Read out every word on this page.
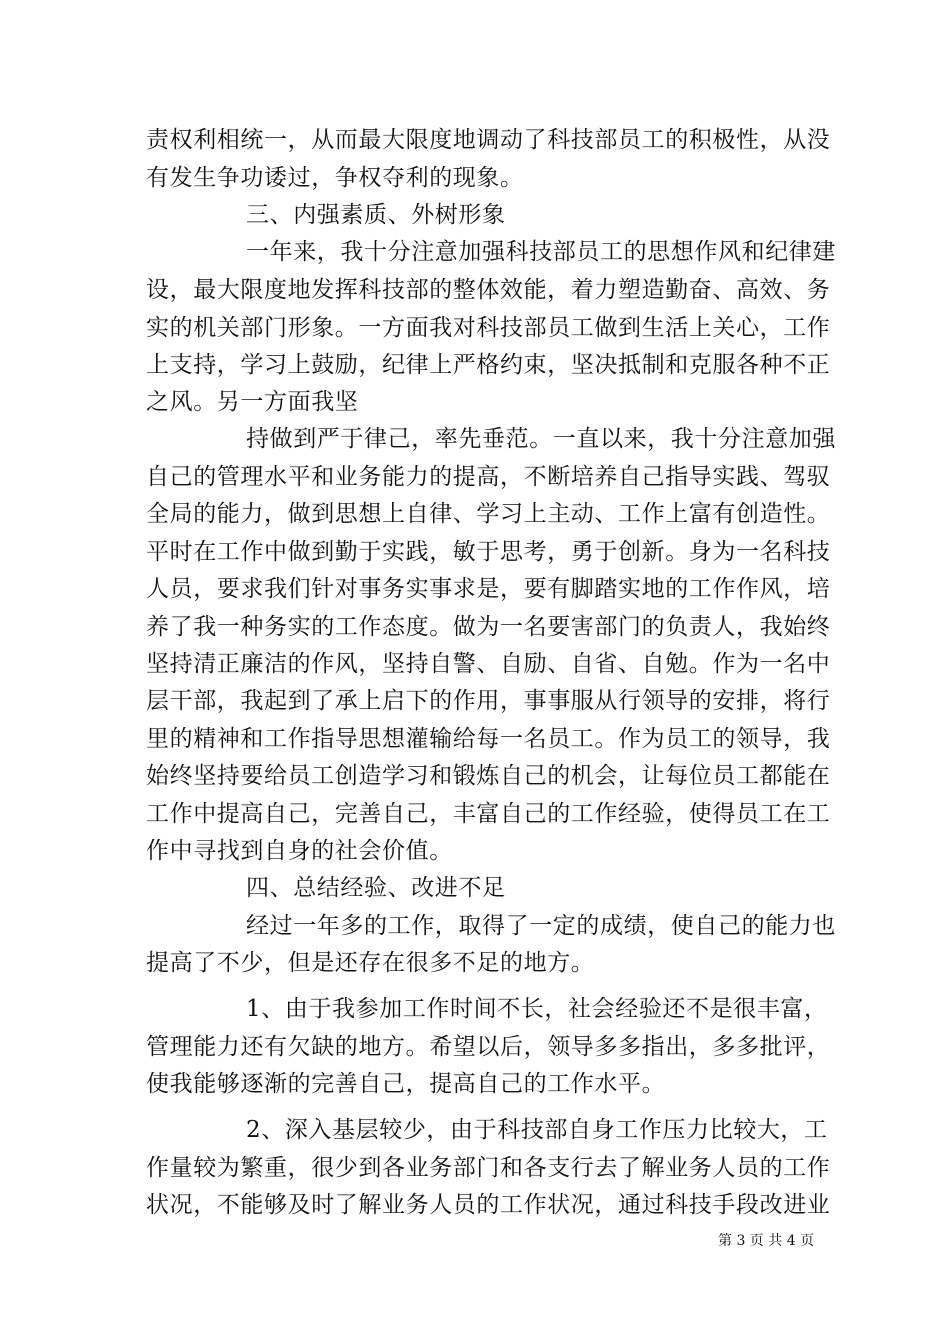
责权利相统一，从而最大限度地调动了科技部员工的积极性，从没
有发生争功诿过，争权夺利的现象。
三、内强素质、外树形象
一年来，我十分注意加强科技部员工的思想作风和纪律建
设，最大限度地发挥科技部的整体效能，着力塑造勤奋、高效、务
实的机关部门形象。一方面我对科技部员工做到生活上关心，工作
上支持，学习上鼓励，纪律上严格约束，坚决抵制和克服各种不正
之风。另一方面我坚
持做到严于律己，率先垂范。一直以来，我十分注意加强
自己的管理水平和业务能力的提高，不断培养自己指导实践、驾驭
全局的能力，做到思想上自律、学习上主动、工作上富有创造性。
平时在工作中做到勤于实践，敏于思考，勇于创新。身为一名科技
人员，要求我们针对事务实事求是，要有脚踏实地的工作作风，培
养了我一种务实的工作态度。做为一名要害部门的负责人，我始终
坚持清正廉洁的作风，坚持自警、自励、自省、自勉。作为一名中
层干部，我起到了承上启下的作用，事事服从行领导的安排，将行
里的精神和工作指导思想灌输给每一名员工。作为员工的领导，我
始终坚持要给员工创造学习和锻炼自己的机会，让每位员工都能在
工作中提高自己，完善自己，丰富自己的工作经验，使得员工在工
作中寻找到自身的社会价值。
四、总结经验、改进不足
经过一年多的工作，取得了一定的成绩，使自己的能力也
提高了不少，但是还存在很多不足的地方。
1、由于我参加工作时间不长，社会经验还不是很丰富，
管理能力还有欠缺的地方。希望以后，领导多多指出，多多批评，
使我能够逐渐的完善自己，提高自己的工作水平。
2、深入基层较少，由于科技部自身工作压力比较大，工
作量较为繁重，很少到各业务部门和各支行去了解业务人员的工作
状况，不能够及时了解业务人员的工作状况，通过科技手段改进业
第 3 页 共 4 页
